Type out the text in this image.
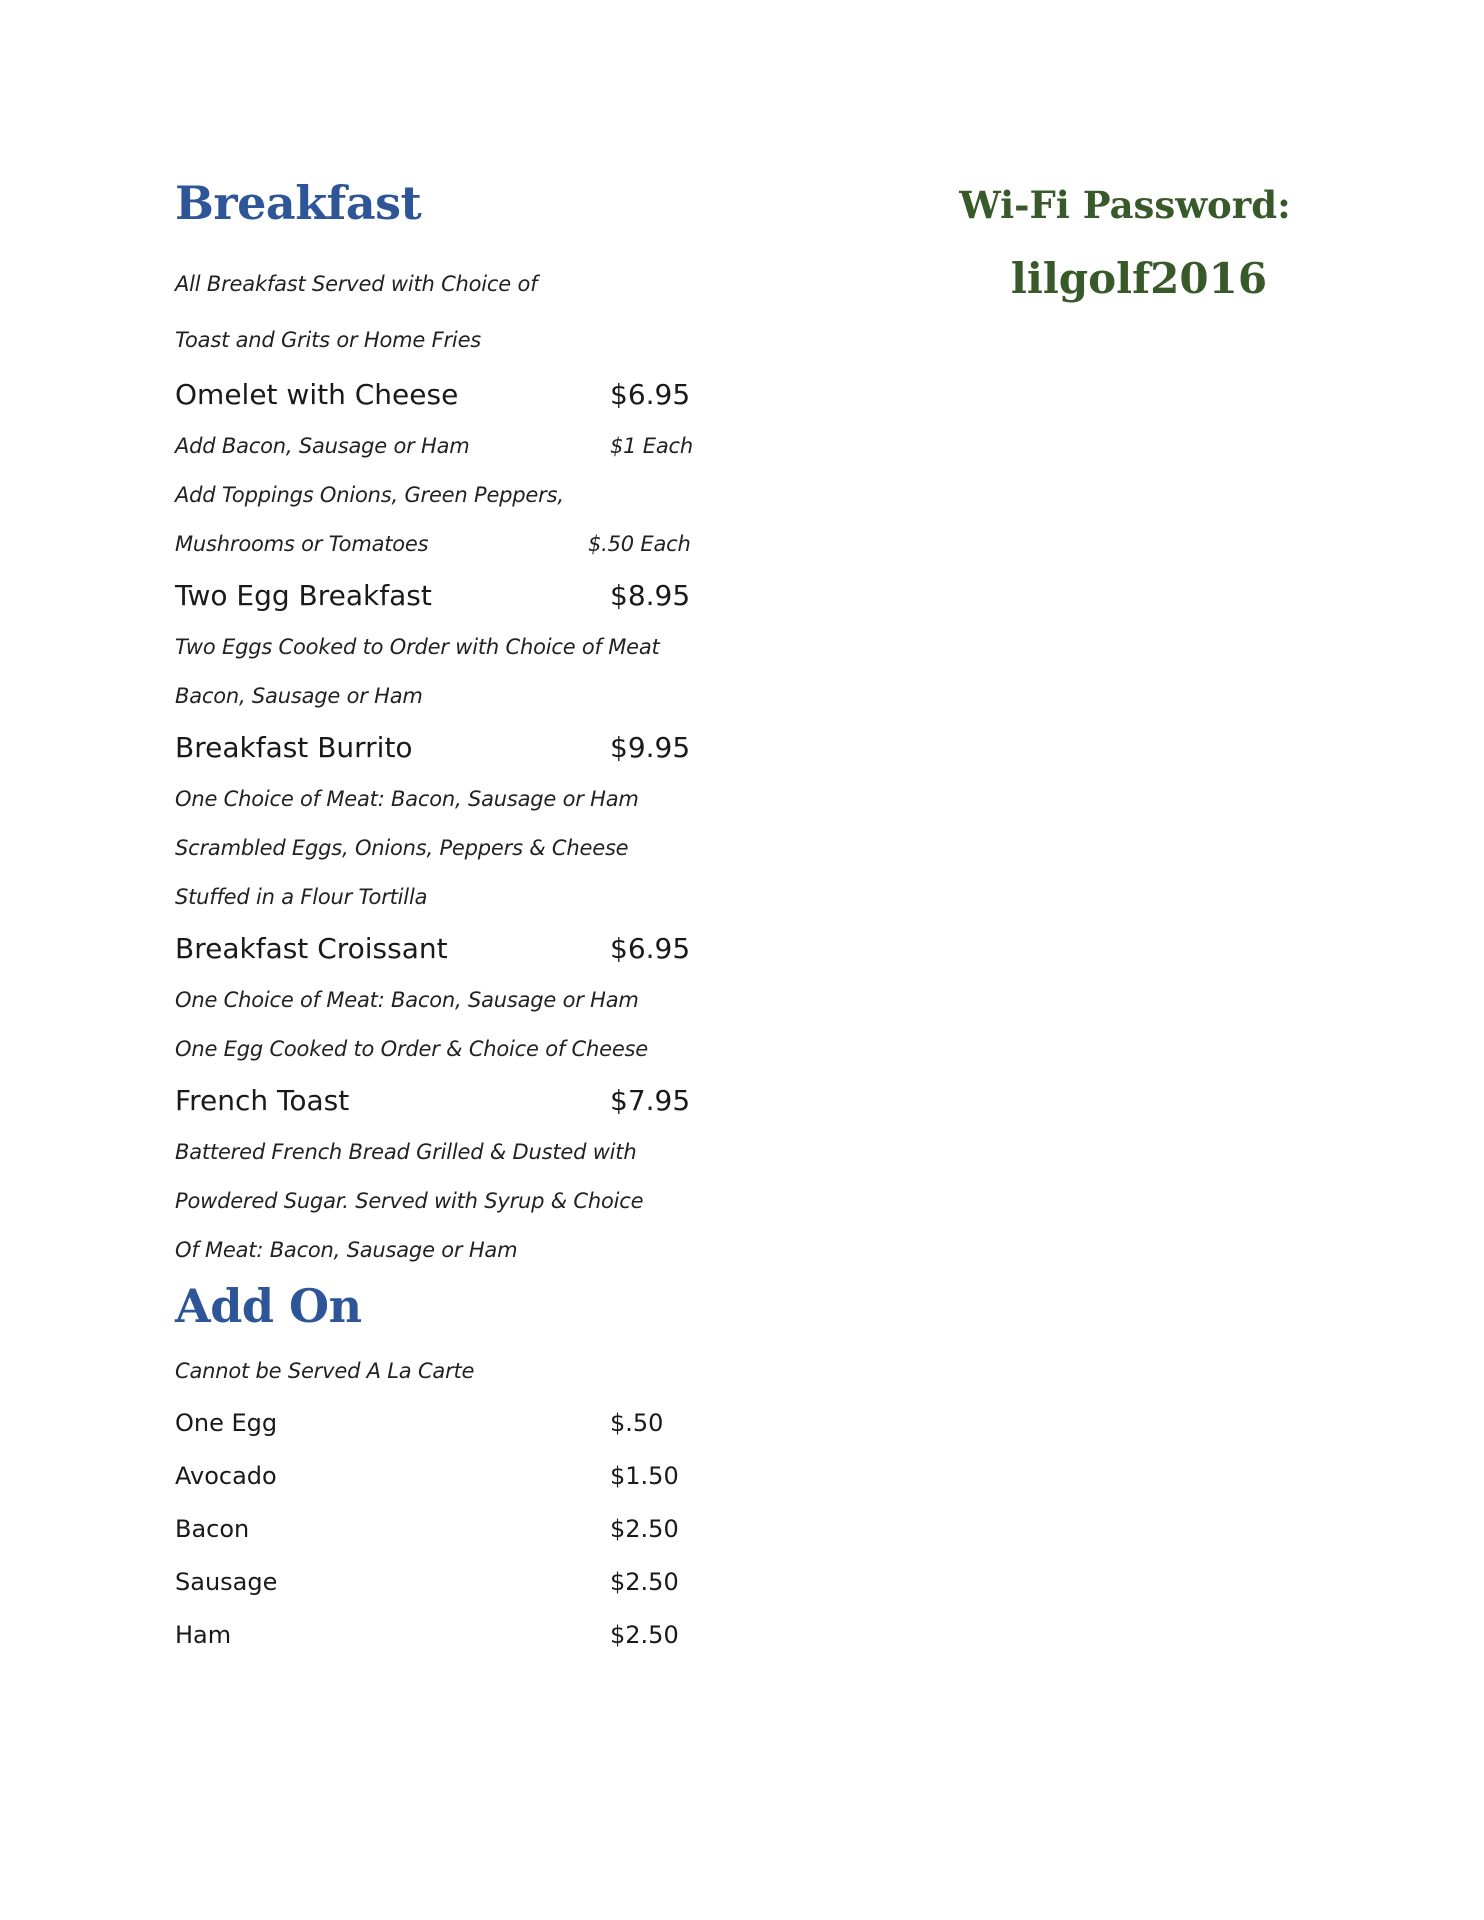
Breakfast
All Breakfast Served with Choice of
Toast and Grits or Home Fries
Omelet with Cheese	$6.95
Add Bacon, Sausage or Ham	$1 Each
Add Toppings Onions, Green Peppers,
Mushrooms or Tomatoes	$.50 Each
Two Egg Breakfast	$8.95
Two Eggs Cooked to Order with Choice of Meat
Bacon, Sausage or Ham
Breakfast Burrito	$9.95
One Choice of Meat: Bacon, Sausage or Ham
Scrambled Eggs, Onions, Peppers & Cheese
Stuffed in a Flour Tortilla
Breakfast Croissant	$6.95
One Choice of Meat: Bacon, Sausage or Ham
One Egg Cooked to Order & Choice of Cheese
French Toast	$7.95
Battered French Bread Grilled & Dusted with
Powdered Sugar. Served with Syrup & Choice
Of Meat: Bacon, Sausage or Ham
Add On
Cannot be Served A La Carte
One Egg	$.50
Avocado	$1.50
Bacon	$2.50
Sausage	$2.50
Ham	$2.50
Wi-Fi Password:
lilgolf2016
